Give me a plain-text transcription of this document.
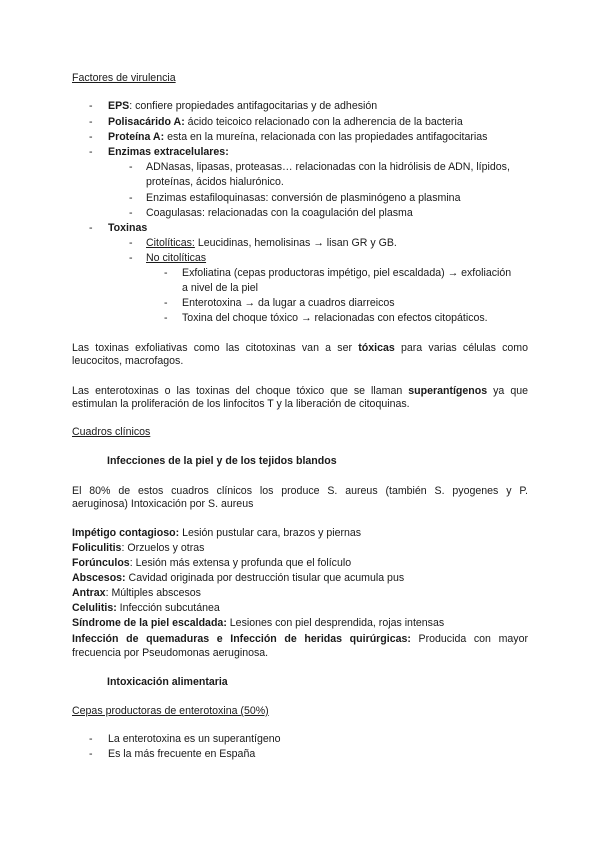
Factores de virulencia
- EPS: confiere propiedades antifagocitarias y de adhesión
- Polisacárido A: ácido teicoico relacionado con la adherencia de la bacteria
- Proteína A: esta en la mureína, relacionada con las propiedades antifagocitarias
- Enzimas extracelulares:
- ADNasas, lipasas, proteasas… relacionadas con la hidrólisis de ADN, lípidos,
proteínas, ácidos hialurónico.
- Enzimas estafiloquinasas: conversión de plasminógeno a plasmina
- Coagulasas: relacionadas con la coagulación del plasma
- Toxinas
- Citolíticas: Leucidinas, hemolisinas → lisan GR y GB.
- No citolíticas
- Exfoliatina (cepas productoras impétigo, piel escaldada) → exfoliación
a nivel de la piel
- Enterotoxina → da lugar a cuadros diarreicos
- Toxina del choque tóxico → relacionadas con efectos citopáticos.
Las toxinas exfoliativas como las citotoxinas van a ser tóxicas para varias células como
leucocitos, macrofagos.
Las enterotoxinas o las toxinas del choque tóxico que se llaman superantígenos ya que
estimulan la proliferación de los linfocitos T y la liberación de citoquinas.
Cuadros clínicos
Infecciones de la piel y de los tejidos blandos
El 80% de estos cuadros clínicos los produce S. aureus (también S. pyogenes y P.
aeruginosa) Intoxicación por S. aureus
Impétigo contagioso: Lesión pustular cara, brazos y piernas
Foliculitis: Orzuelos y otras
Forúnculos: Lesión más extensa y profunda que el folículo
Abscesos: Cavidad originada por destrucción tisular que acumula pus
Antrax: Múltiples abscesos
Celulitis: Infección subcutánea
Síndrome de la piel escaldada: Lesiones con piel desprendida, rojas intensas
Infección de quemaduras e Infección de heridas quirúrgicas: Producida con mayor
frecuencia por Pseudomonas aeruginosa.
Intoxicación alimentaria
Cepas productoras de enterotoxina (50%)
- La enterotoxina es un superantígeno
- Es la más frecuente en España
